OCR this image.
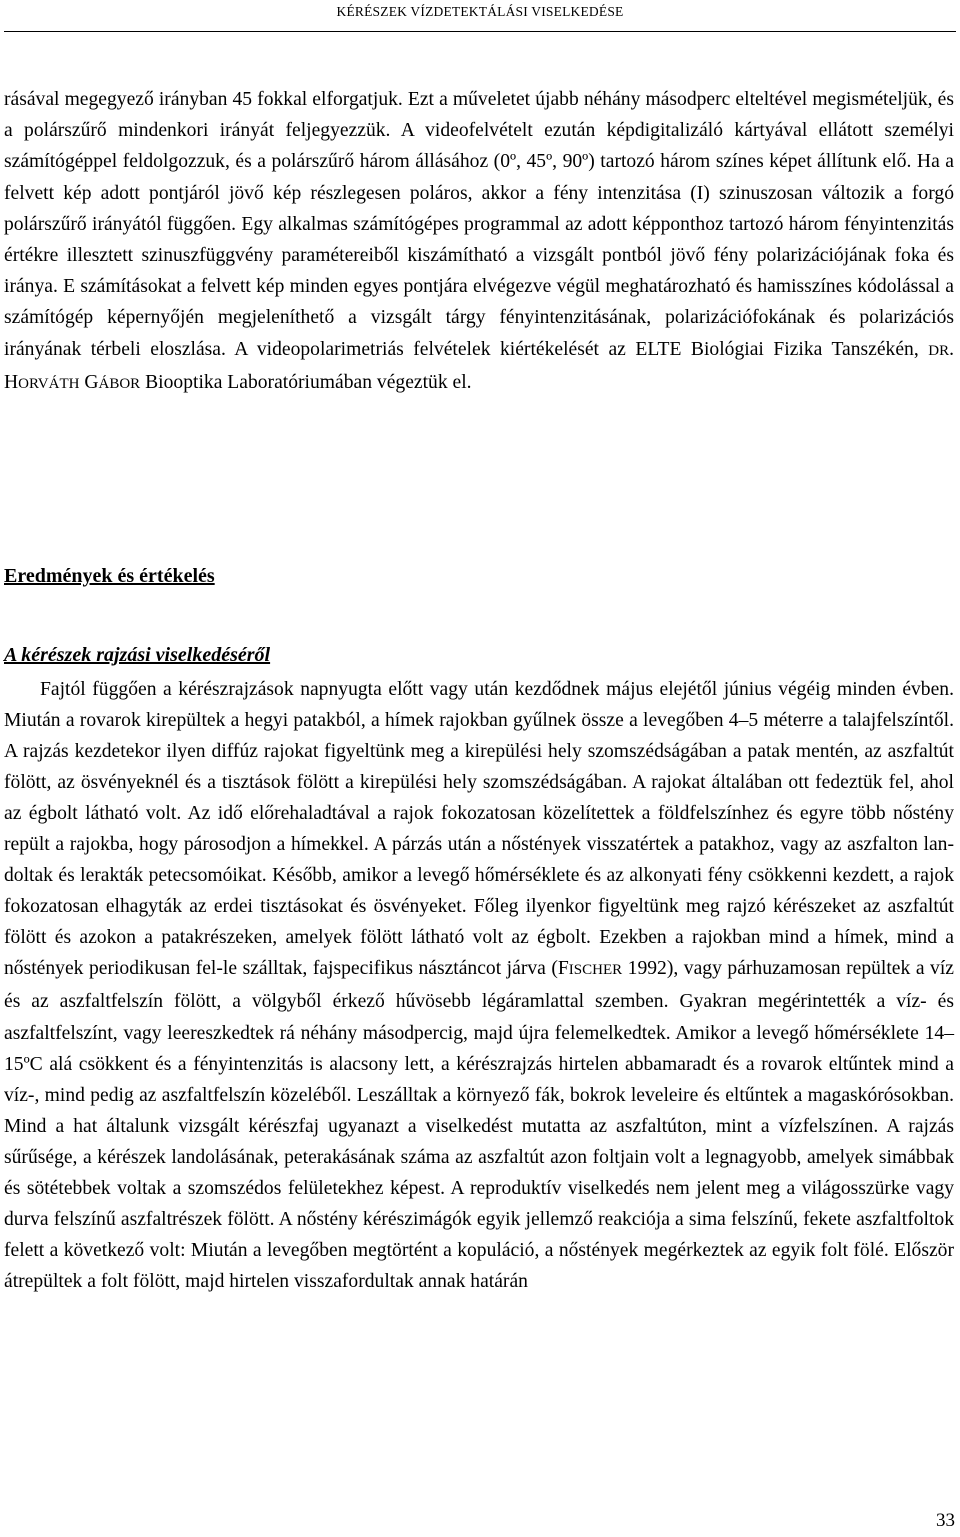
KÉRÉSZEK VÍZDETEKTÁLÁSI VISELKEDÉSE

rásával megegyező irányban 45 fokkal elforgatjuk. Ezt a műveletet újabb néhány másodperc elteltével megismételjük, és a polárszűrő mindenkori irányát feljegyezzük. A videofelvételt ezután képdigitalizáló kártyával ellátott személyi számítógéppel feldolgozzuk, és a polárszűrő három állásához (0º, 45º, 90º) tartozó három színes képet állítunk elő. Ha a felvett kép adott pontjáról jövő kép részlegesen poláros, akkor a fény intenzitása (I) szinuszosan változik a forgó polárszűrő irányától függően. Egy alkalmas számítógépes programmal az adott képponthoz tartozó három fényintenzitás értékre illesztett szinuszfüggvény paramétereiből kiszámítható a vizsgált pontból jövő fény polarizációjának foka és iránya. E számításokat a felvett kép minden egyes pontjára elvégezve végül meghatározható és hamisszínes kódolással a számítógép képernyőjén megjeleníthető a vizsgált tárgy fényintenzitásának, polarizációfokának és polarizációs irányának térbeli eloszlása. A videopolarimetriás felvételek kiértékelését az ELTE Biológiai Fizika Tanszékén, DR. HORVÁTH GÁBOR Biooptika Laboratóriumában végeztük el.

Eredmények és értékelés
A kérészek rajzási viselkedéséről

Fajtól függően a kérészrajzások napnyugta előtt vagy után kezdődnek május elejétől június végéig minden évben. Miután a rovarok kirepültek a hegyi patakból, a hímek rajokban gyűlnek össze a levegőben 4–5 méterre a talajfelszíntől. A rajzás kezdetekor ilyen diffúz rajokat figyeltünk meg a kirepülési hely szomszédságában a patak mentén, az aszfaltút fölött, az ösvényeknél és a tisztások fölött a kirepülési hely szomszédságában. A rajokat általában ott fedeztük fel, ahol az égbolt látható volt. Az idő előrehaladtával a rajok fokozatosan közelítettek a földfelszínhez és egyre több nőstény repült a rajokba, hogy párosodjon a hímekkel. A párzás után a nőstények visszatértek a patakhoz, vagy az aszfalton landoltak és lerakták petecsomóikat. Később, amikor a levegő hőmérséklete és az alkonyati fény csökkenni kezdett, a rajok fokozatosan elhagyták az erdei tisztásokat és ösvényeket. Főleg ilyenkor figyeltünk meg rajzó kérészeket az aszfaltút fölött és azokon a patakrészeken, amelyek fölött látható volt az égbolt. Ezekben a rajokban mind a hímek, mind a nőstények periodikusan fel-le szálltak, fajspecifikus násztáncot járva (FISCHER 1992), vagy párhuzamosan repültek a víz és az aszfaltfelszín fölött, a völgyből érkező hűvösebb légáramlattal szemben. Gyakran megérintették a víz- és aszfaltfelszínt, vagy leereszkedtek rá néhány másodpercig, majd újra felemelkedtek. Amikor a levegő hőmérséklete 14–15ºC alá csökkent és a fényintenzitás is alacsony lett, a kérészrajzás hirtelen abbamaradt és a rovarok eltűntek mind a víz-, mind pedig az aszfaltfelszín közeléből. Leszálltak a környező fák, bokrok leveleire és eltűntek a magaskórósokban. Mind a hat általunk vizsgált kérészfaj ugyanazt a viselkedést mutatta az aszfaltúton, mint a vízfelszínen. A rajzás sűrűsége, a kérészek landolásának, peterakásának száma az aszfaltút azon foltjain volt a legnagyobb, amelyek simábbak és sötétebbek voltak a szomszédos felületekhez képest. A reproduktív viselkedés nem jelent meg a világosszürke vagy durva felszínű aszfaltrészek fölött. A nőstény kérészimágók egyik jellemző reakciója a sima felszínű, fekete aszfaltfoltok felett a következő volt: Miután a levegőben megtörtént a kopuláció, a nőstények megérkeztek az egyik folt fölé. Először átrepültek a folt fölött, majd hirtelen visszafordultak annak határán

33
